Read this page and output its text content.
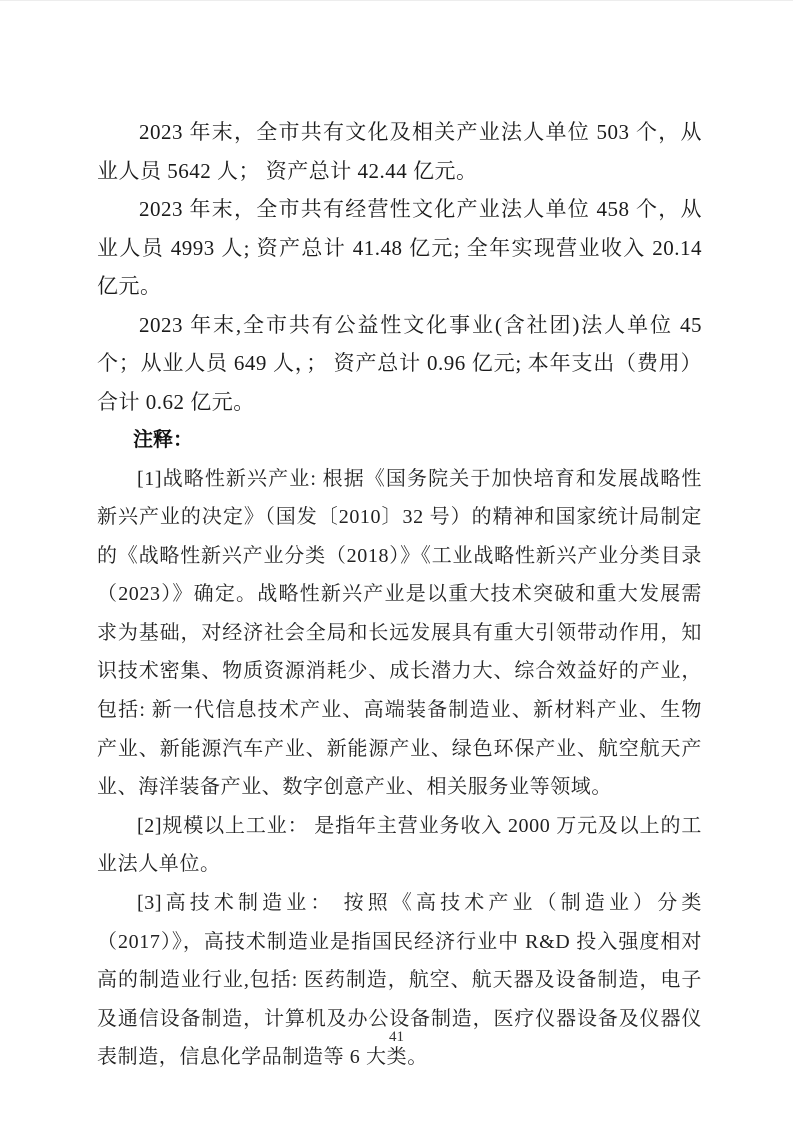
2023 年末，全市共有文化及相关产业法人单位 503 个，从业人员 5642 人； 资产总计 42.44 亿元。

2023 年末，全市共有经营性文化产业法人单位 458 个，从业人员 4993 人; 资产总计 41.48 亿元; 全年实现营业收入 20.14 亿元。

2023 年末,全市共有公益性文化事业(含社团)法人单位 45 个；从业人员 649 人，； 资产总计 0.96 亿元; 本年支出（费用）合计 0.62 亿元。

注释：

[1]战略性新兴产业: 根据《国务院关于加快培育和发展战略性新兴产业的决定》（国发〔2010〕32 号）的精神和国家统计局制定的《战略性新兴产业分类（2018）》《工业战略性新兴产业分类目录（2023）》确定。战略性新兴产业是以重大技术突破和重大发展需求为基础，对经济社会全局和长远发展具有重大引领带动作用，知识技术密集、物质资源消耗少、成长潜力大、综合效益好的产业，包括: 新一代信息技术产业、高端装备制造业、新材料产业、生物产业、新能源汽车产业、新能源产业、绿色环保产业、航空航天产业、海洋装备产业、数字创意产业、相关服务业等领域。

[2]规模以上工业： 是指年主营业务收入 2000 万元及以上的工业法人单位。

[3]高技术制造业： 按照《高技术产业（制造业）分类（2017）》，高技术制造业是指国民经济行业中 R&D 投入强度相对高的制造业行业,包括: 医药制造，航空、航天器及设备制造，电子及通信设备制造，计算机及办公设备制造，医疗仪器设备及仪器仪表制造，信息化学品制造等 6 大类。

41
